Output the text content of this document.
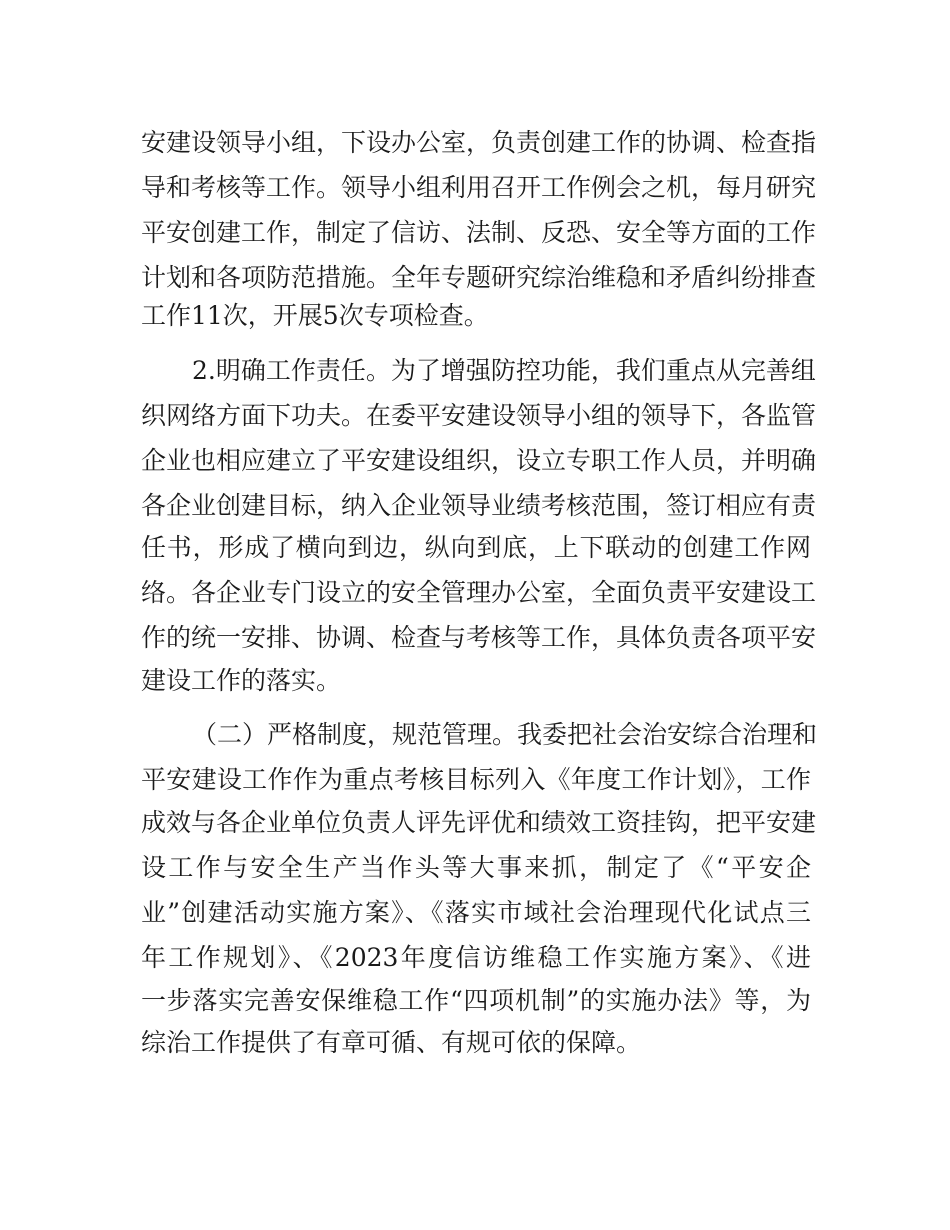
安建设领导小组，下设办公室，负责创建工作的协调、检查指
导和考核等工作。领导小组利用召开工作例会之机，每月研究
平安创建工作，制定了信访、法制、反恐、安全等方面的工作
计划和各项防范措施。全年专题研究综治维稳和矛盾纠纷排查
工作11次，开展5次专项检查。
2.明确工作责任。为了增强防控功能，我们重点从完善组
织网络方面下功夫。在委平安建设领导小组的领导下，各监管
企业也相应建立了平安建设组织，设立专职工作人员，并明确
各企业创建目标，纳入企业领导业绩考核范围，签订相应有责
任书，形成了横向到边，纵向到底，上下联动的创建工作网
络。各企业专门设立的安全管理办公室，全面负责平安建设工
作的统一安排、协调、检查与考核等工作，具体负责各项平安
建设工作的落实。
（二）严格制度，规范管理。我委把社会治安综合治理和
平安建设工作作为重点考核目标列入《年度工作计划》，工作
成效与各企业单位负责人评先评优和绩效工资挂钩，把平安建
设工作与安全生产当作头等大事来抓，制定了《“平安企
业”创建活动实施方案》、《落实市域社会治理现代化试点三
年工作规划》、《2023年度信访维稳工作实施方案》、《进
一步落实完善安保维稳工作“四项机制”的实施办法》等，为
综治工作提供了有章可循、有规可依的保障。
